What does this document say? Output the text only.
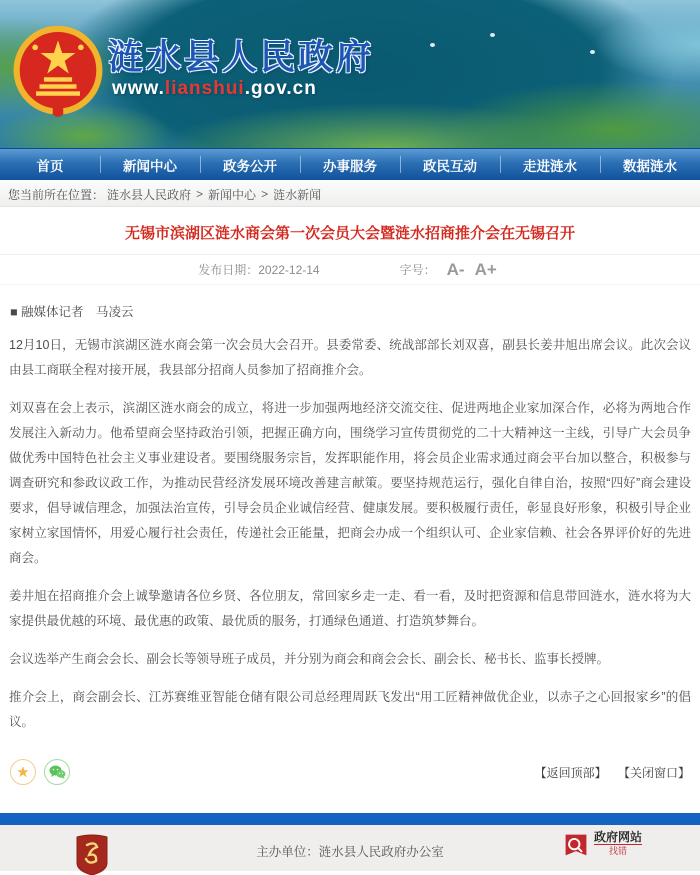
涟水县人民政府
www.lianshui.gov.cn
首页	新闻中心	政务公开	办事服务	政民互动	走进涟水	数据涟水
您当前所在位置： 涟水县人民政府 > 新闻中心 > 涟水新闻
无锡市滨湖区涟水商会第一次会员大会暨涟水招商推介会在无锡召开
发布日期：2022-12-14	字号： A- A+
■ 融媒体记者　马凌云

12月10日，无锡市滨湖区涟水商会第一次会员大会召开。县委常委、统战部部长刘双喜，副县长姜井旭出席会议。此次会议由县工商联全程对接开展，我县部分招商人员参加了招商推介会。

刘双喜在会上表示，滨湖区涟水商会的成立，将进一步加强两地经济交流交往、促进两地企业家加深合作，必将为两地合作发展注入新动力。他希望商会坚持政治引领，把握正确方向，围绕学习宣传贯彻党的二十大精神这一主线，引导广大会员争做优秀中国特色社会主义事业建设者。要围绕服务宗旨，发挥职能作用，将会员企业需求通过商会平台加以整合，积极参与调查研究和参政议政工作，为推动民营经济发展环境改善建言献策。要坚持规范运行，强化自律自治，按照“四好”商会建设要求，倡导诚信理念，加强法治宣传，引导会员企业诚信经营、健康发展。要积极履行责任，彰显良好形象，积极引导企业家树立家国情怀，用爱心履行社会责任，传递社会正能量，把商会办成一个组织认可、企业家信赖、社会各界评价好的先进商会。

姜井旭在招商推介会上诚挚邀请各位乡贤、各位朋友，常回家乡走一走、看一看，及时把资源和信息带回涟水，涟水将为大家提供最优越的环境、最优惠的政策、最优质的服务，打通绿色通道、打造筑梦舞台。

会议选举产生商会会长、副会长等领导班子成员，并分别为商会和商会会长、副会长、秘书长、监事长授牌。

推介会上，商会副会长、江苏赛维亚智能仓储有限公司总经理周跃飞发出“用工匠精神做优企业，以赤子之心回报家乡”的倡议。

★	【返回顶部】 【关闭窗口】
主办单位：涟水县人民政府办公室
政府网站
找错
